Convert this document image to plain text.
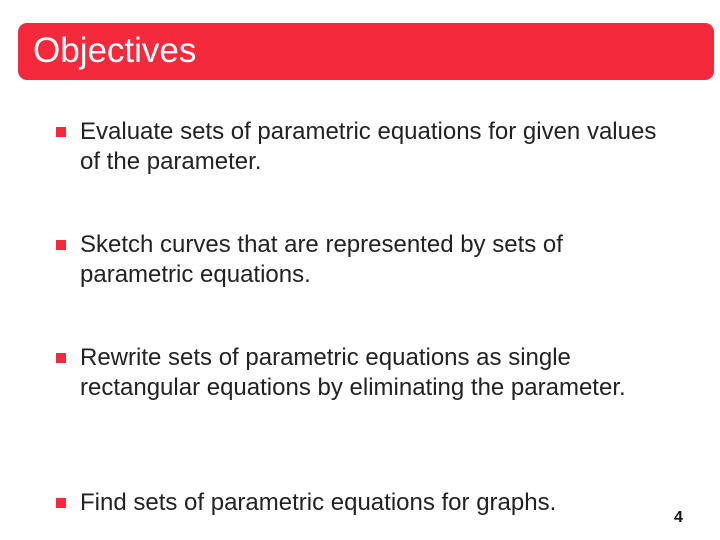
Objectives
Evaluate sets of parametric equations for given values of the parameter.
Sketch curves that are represented by sets of parametric equations.
Rewrite sets of parametric equations as single rectangular equations by eliminating the parameter.
Find sets of parametric equations for graphs.
4
